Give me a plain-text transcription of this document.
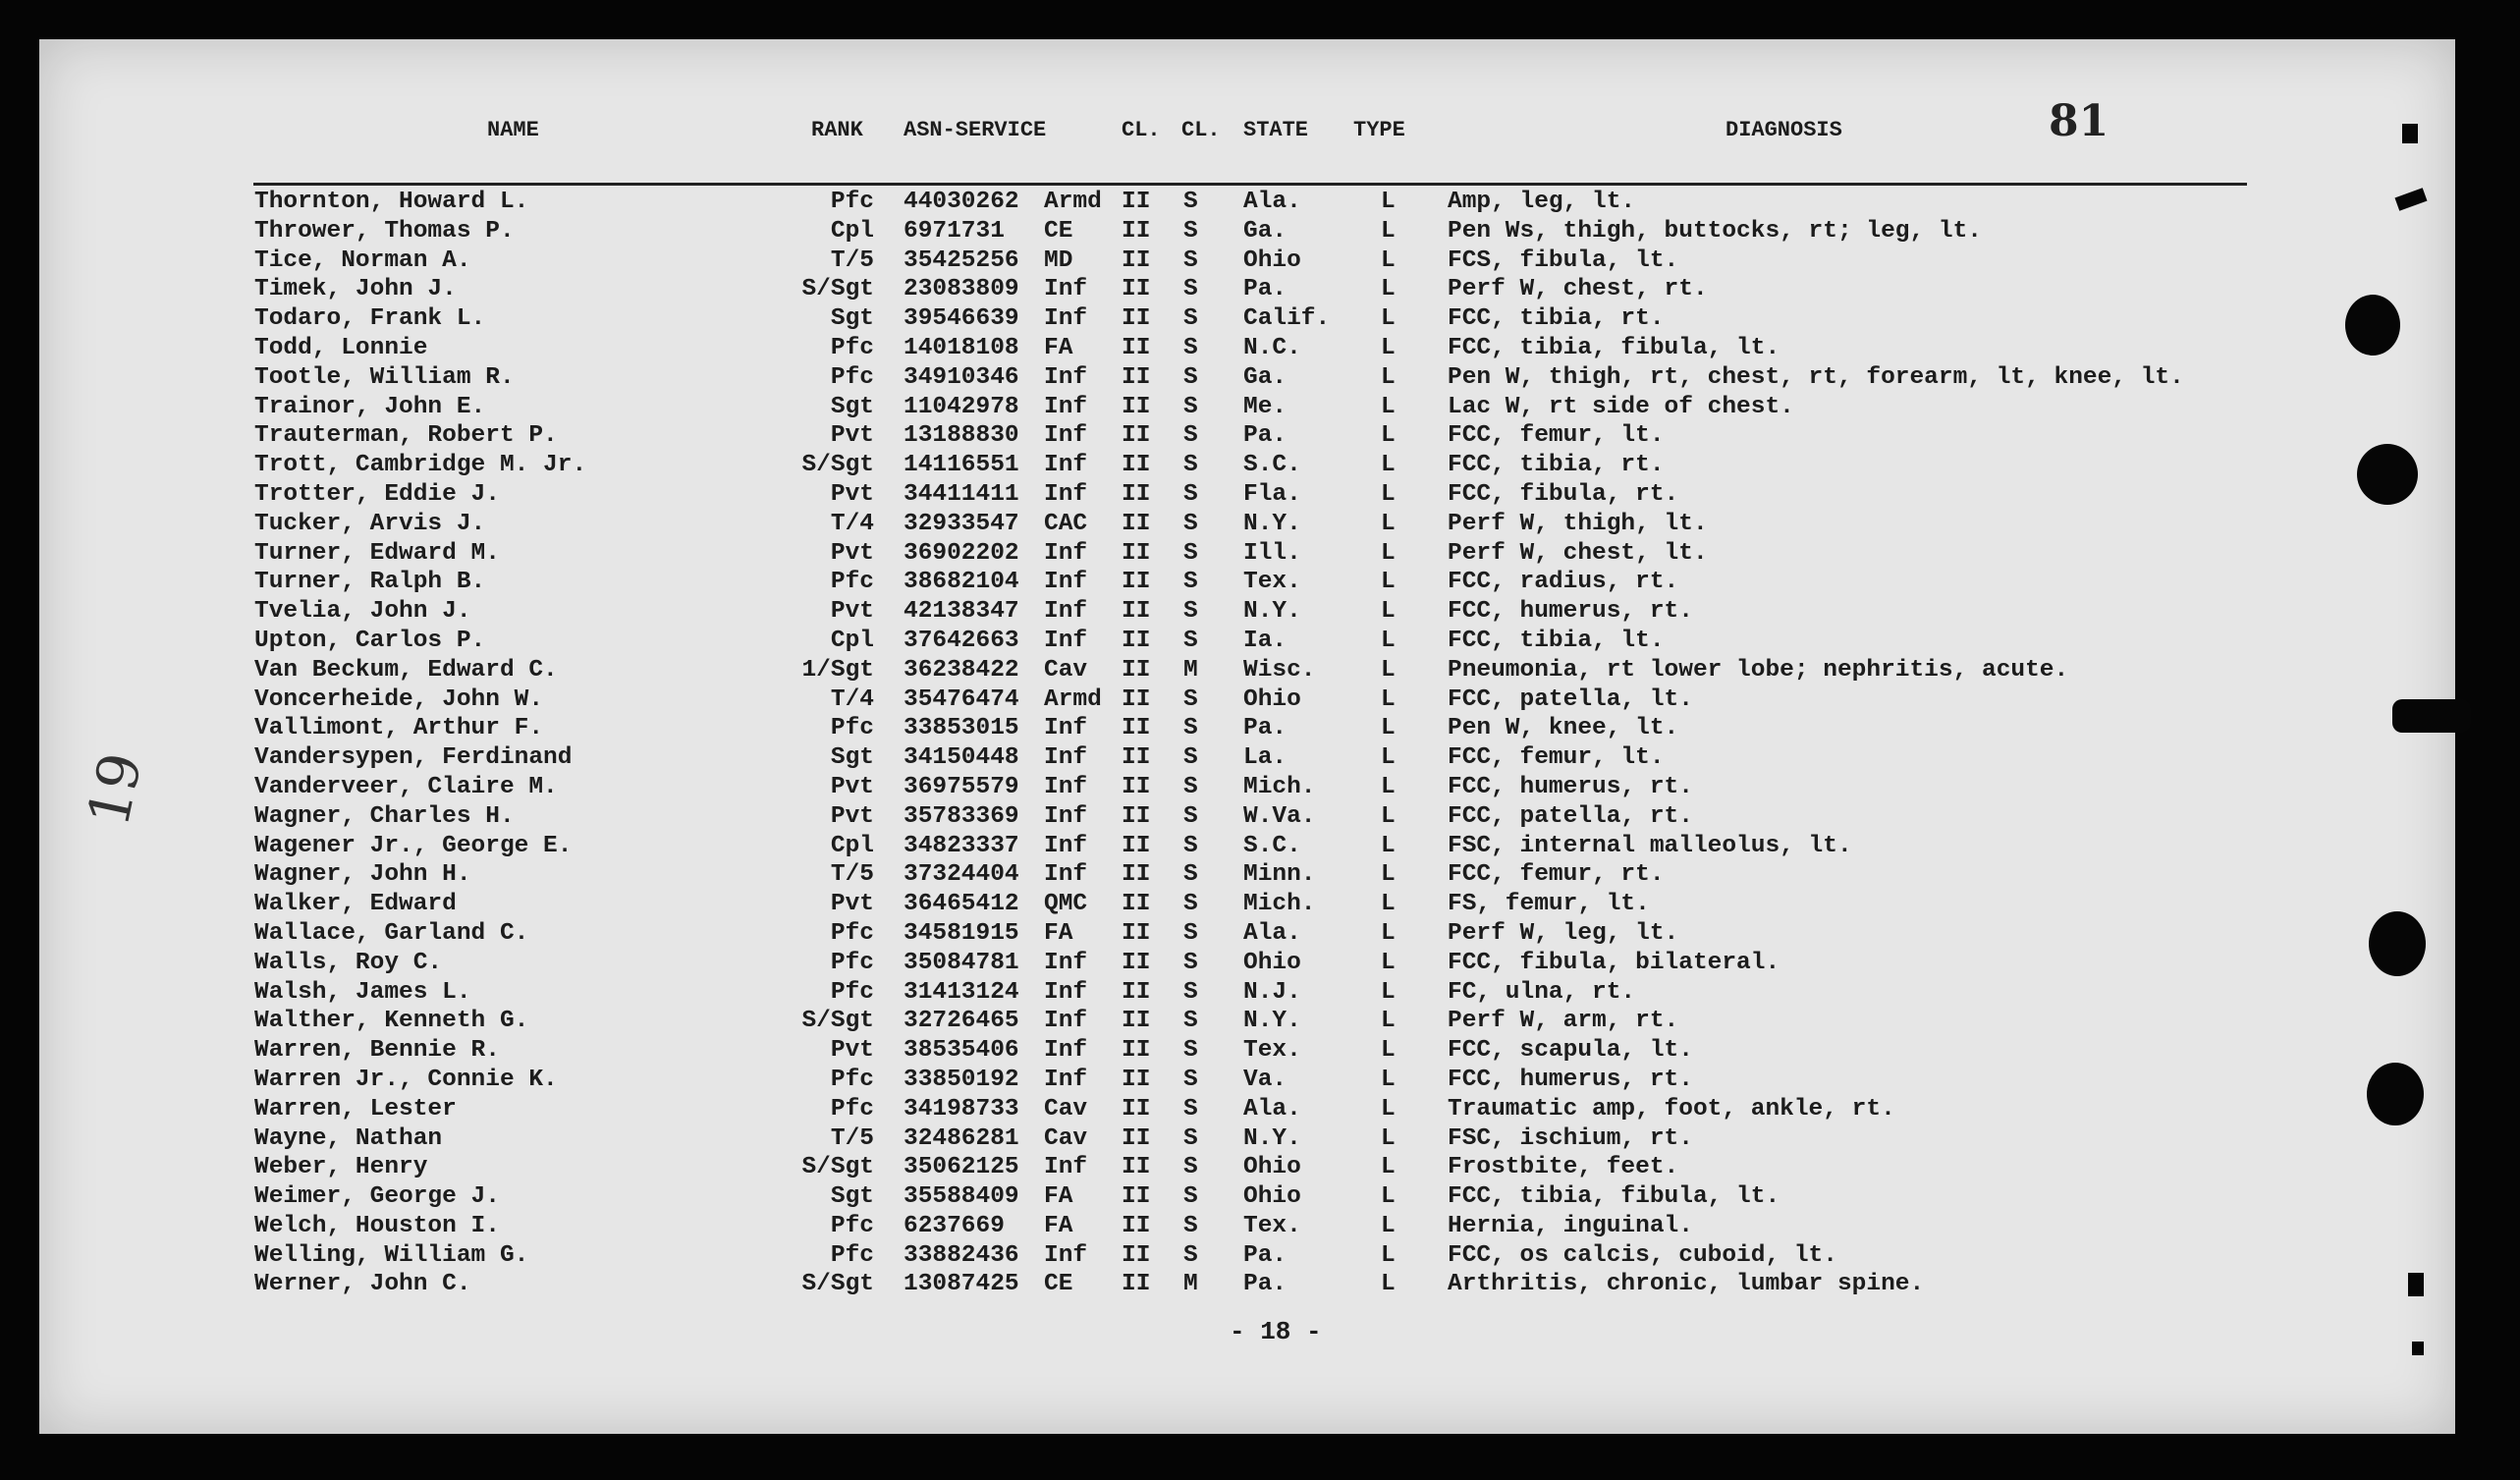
81
19
NAME	RANK ASN-SERVICE	CL. CL. STATE TYPE	DIAGNOSIS
Thornton, Howard L.	Pfc 44030262 Armd II S Ala.	L Amp, leg, lt.
Thrower, Thomas P.	Cpl 6971731 CE II S Ga.	L Pen Ws, thigh, buttocks, rt; leg, lt.
Tice, Norman A.	T/5 35425256 MD II S Ohio	L FCS, fibula, lt.
Timek, John J.	S/Sgt 23083809 Inf II S Pa.	L Perf W, chest, rt.
Todaro, Frank L.	Sgt 39546639 Inf II S Calif. L FCC, tibia, rt.
Todd, Lonnie	Pfc 14018108 FA II S N.C.	L FCC, tibia, fibula, lt.
Tootle, William R.	Pfc 34910346 Inf II S Ga.	L Pen W, thigh, rt, chest, rt, forearm, lt, knee, lt.
Trainor, John E.	Sgt 11042978 Inf II S Me.	L Lac W, rt side of chest.
Trauterman, Robert P.	Pvt 13188830 Inf II S Pa.	L FCC, femur, lt.
Trott, Cambridge M. Jr.	S/Sgt 14116551 Inf II S S.C.	L FCC, tibia, rt.
Trotter, Eddie J.	Pvt 34411411 Inf II S Fla.	L FCC, fibula, rt.
Tucker, Arvis J.	T/4 32933547 CAC II S N.Y.	L Perf W, thigh, lt.
Turner, Edward M.	Pvt 36902202 Inf II S Ill.	L Perf W, chest, lt.
Turner, Ralph B.	Pfc 38682104 Inf II S Tex.	L FCC, radius, rt.
Tvelia, John J.	Pvt 42138347 Inf II S N.Y.	L FCC, humerus, rt.
Upton, Carlos P.	Cpl 37642663 Inf II S Ia.	L FCC, tibia, lt.
Van Beckum, Edward C.	1/Sgt 36238422 Cav II M Wisc.	L Pneumonia, rt lower lobe; nephritis, acute.
Voncerheide, John W.	T/4 35476474 Armd II S Ohio	L FCC, patella, lt.
Vallimont, Arthur F.	Pfc 33853015 Inf II S Pa.	L Pen W, knee, lt.
Vandersypen, Ferdinand	Sgt 34150448 Inf II S La.	L FCC, femur, lt.
Vanderveer, Claire M.	Pvt 36975579 Inf II S Mich.	L FCC, humerus, rt.
Wagner, Charles H.	Pvt 35783369 Inf II S W.Va.	L FCC, patella, rt.
Wagener Jr., George E.	Cpl 34823337 Inf II S S.C.	L FSC, internal malleolus, lt.
Wagner, John H.	T/5 37324404 Inf II S Minn.	L FCC, femur, rt.
Walker, Edward	Pvt 36465412 QMC II S Mich.	L FS, femur, lt.
Wallace, Garland C.	Pfc 34581915 FA II S Ala.	L Perf W, leg, lt.
Walls, Roy C.	Pfc 35084781 Inf II S Ohio	L FCC, fibula, bilateral.
Walsh, James L.	Pfc 31413124 Inf II S N.J.	L FC, ulna, rt.
Walther, Kenneth G.	S/Sgt 32726465 Inf II S N.Y.	L Perf W, arm, rt.
Warren, Bennie R.	Pvt 38535406 Inf II S Tex.	L FCC, scapula, lt.
Warren Jr., Connie K.	Pfc 33850192 Inf II S Va.	L FCC, humerus, rt.
Warren, Lester	Pfc 34198733 Cav II S Ala.	L Traumatic amp, foot, ankle, rt.
Wayne, Nathan	T/5 32486281 Cav II S N.Y.	L FSC, ischium, rt.
Weber, Henry	S/Sgt 35062125 Inf II S Ohio	L Frostbite, feet.
Weimer, George J.	Sgt 35588409 FA II S Ohio	L FCC, tibia, fibula, lt.
Welch, Houston I.	Pfc 6237669 FA II S Tex.	L Hernia, inguinal.
Welling, William G.	Pfc 33882436 Inf II S Pa.	L FCC, os calcis, cuboid, lt.
Werner, John C.	S/Sgt 13087425 CE II M Pa.	L Arthritis, chronic, lumbar spine.
- 18 -
